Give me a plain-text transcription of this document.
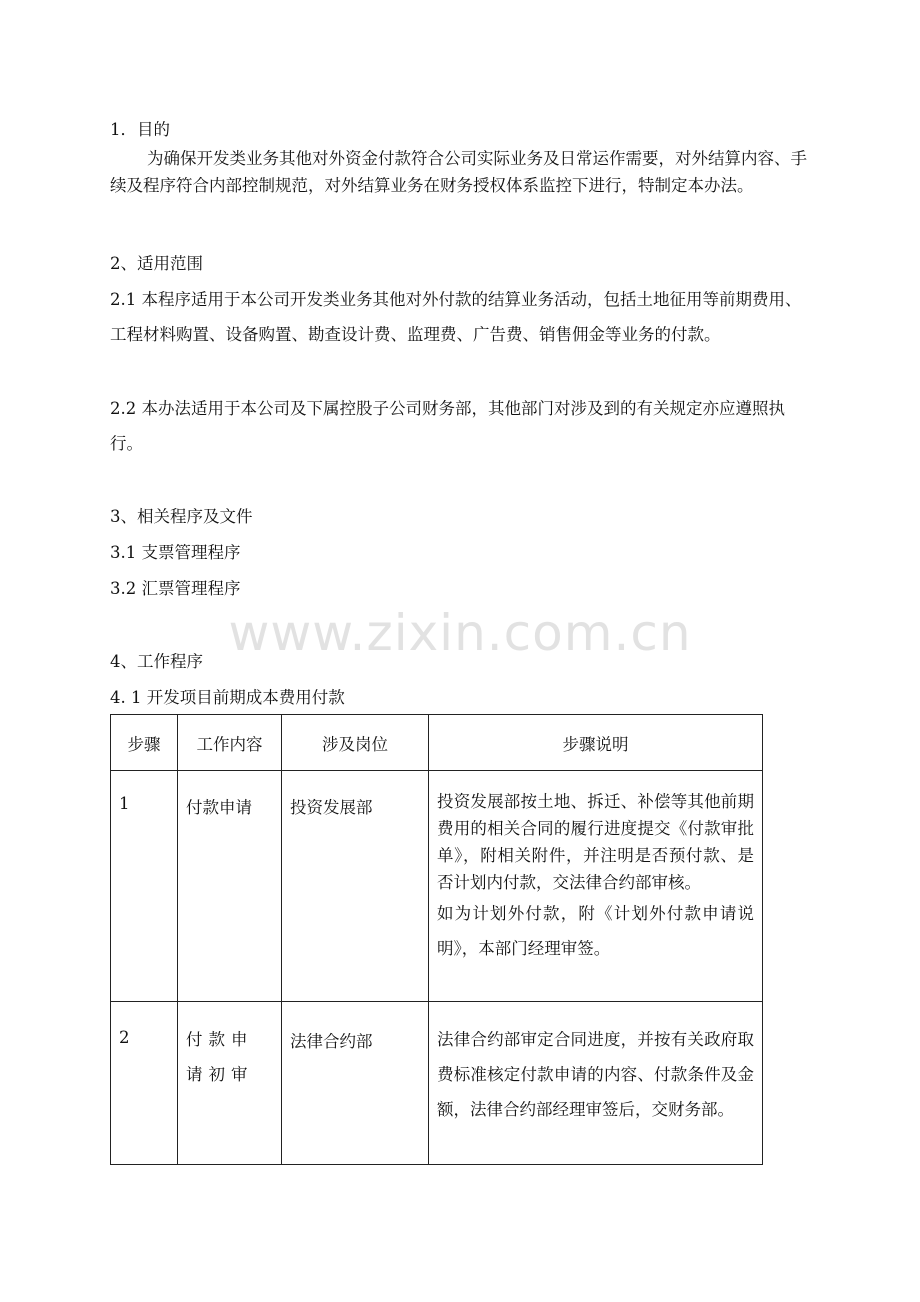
www.zixin.com.cn

1．目的

为确保开发类业务其他对外资金付款符合公司实际业务及日常运作需要，对外结算内容、手续及程序符合内部控制规范，对外结算业务在财务授权体系监控下进行，特制定本办法。

2、适用范围

2.1 本程序适用于本公司开发类业务其他对外付款的结算业务活动，包括土地征用等前期费用、工程材料购置、设备购置、勘查设计费、监理费、广告费、销售佣金等业务的付款。

2.2 本办法适用于本公司及下属控股子公司财务部，其他部门对涉及到的有关规定亦应遵照执行。

3、相关程序及文件

3.1 支票管理程序

3.2 汇票管理程序

4、工作程序

4. 1 开发项目前期成本费用付款

步骤	工作内容	涉及岗位	步骤说明

1	付款申请	投资发展部	投资发展部按土地、拆迁、补偿等其他前期费用的相关合同的履行进度提交《付款审批单》，附相关附件，并注明是否预付款、是否计划内付款，交法律合约部审核。

如为计划外付款，附《计划外付款申请说明》，本部门经理审签。

2	付款申请初审	法律合约部	法律合约部审定合同进度，并按有关政府取费标准核定付款申请的内容、付款条件及金额，法律合约部经理审签后，交财务部。
